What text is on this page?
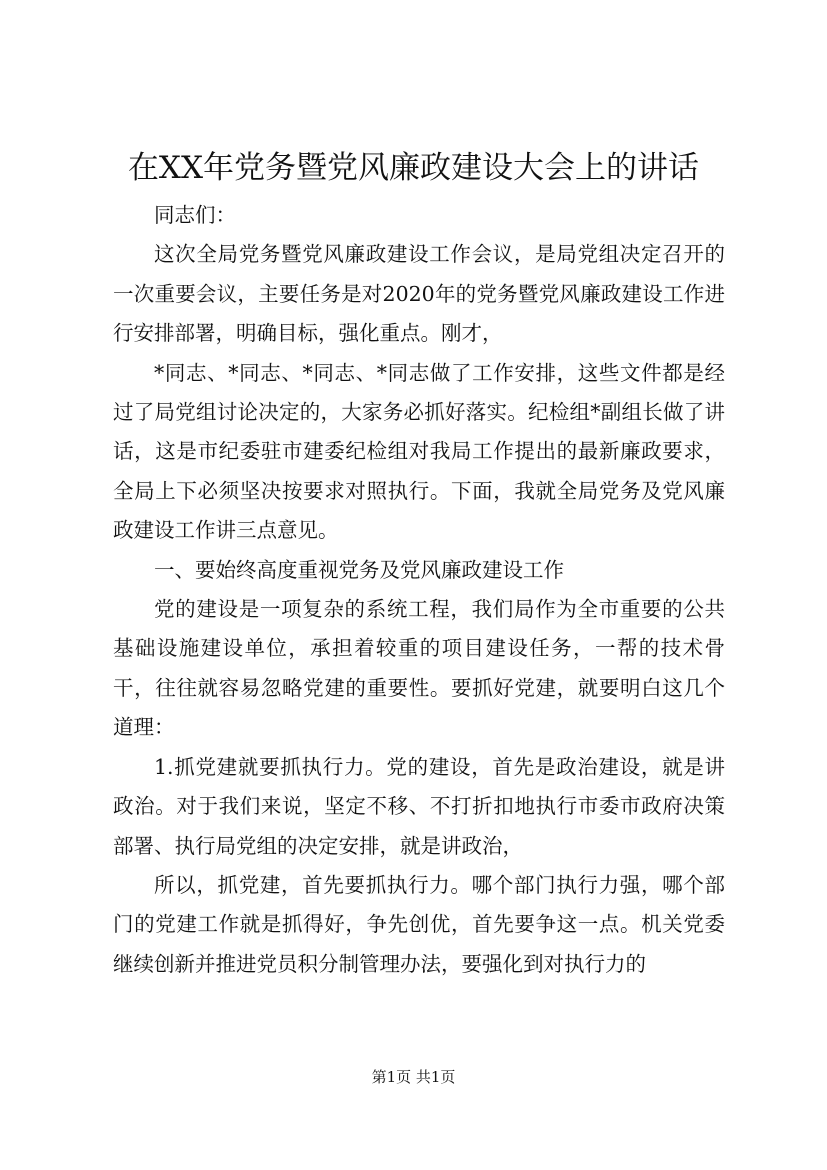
在XX年党务暨党风廉政建设大会上的讲话

同志们：

这次全局党务暨党风廉政建设工作会议，是局党组决定召开的一次重要会议，主要任务是对2020年的党务暨党风廉政建设工作进行安排部署，明确目标，强化重点。刚才，

*同志、*同志、*同志、*同志做了工作安排，这些文件都是经过了局党组讨论决定的，大家务必抓好落实。纪检组*副组长做了讲话，这是市纪委驻市建委纪检组对我局工作提出的最新廉政要求，全局上下必须坚决按要求对照执行。下面，我就全局党务及党风廉政建设工作讲三点意见。

一、要始终高度重视党务及党风廉政建设工作

党的建设是一项复杂的系统工程，我们局作为全市重要的公共基础设施建设单位，承担着较重的项目建设任务，一帮的技术骨干，往往就容易忽略党建的重要性。要抓好党建，就要明白这几个道理：

1.抓党建就要抓执行力。党的建设，首先是政治建设，就是讲政治。对于我们来说，坚定不移、不打折扣地执行市委市政府决策部署、执行局党组的决定安排，就是讲政治，

所以，抓党建，首先要抓执行力。哪个部门执行力强，哪个部门的党建工作就是抓得好，争先创优，首先要争这一点。机关党委继续创新并推进党员积分制管理办法，要强化到对执行力的

第1页 共1页
